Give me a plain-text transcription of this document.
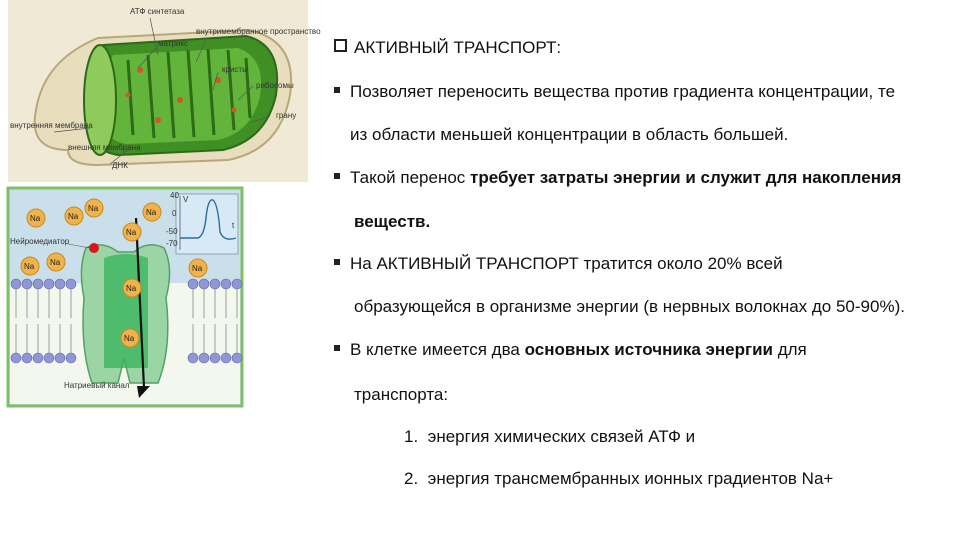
АТФ синтетаза
внутримембранное пространство
матрикс
кристы
рибосомы
грану
внутренняя мембрана
внешняя мембрана
ДНК
40
0
-50
-70
t
V
Нейромедиатор
Натриевый канал
Na	Na
Na	Na
Na
Na Na
Na
Na
Na
АКТИВНЫЙ ТРАНСПОРТ:
Позволяет переносить вещества против градиента концентрации, те
из области меньшей концентрации в область большей.
Такой перенос требует затраты энергии и служит для накопления
веществ.
На АКТИВНЫЙ ТРАНСПОРТ тратится около 20% всей
образующейся в организме энергии (в нервных волокнах до 50-90%).
В клетке имеется два основных источника энергии для
транспорта:
1. энергия химических связей АТФ и
2. энергия трансмембранных ионных градиентов Na+
